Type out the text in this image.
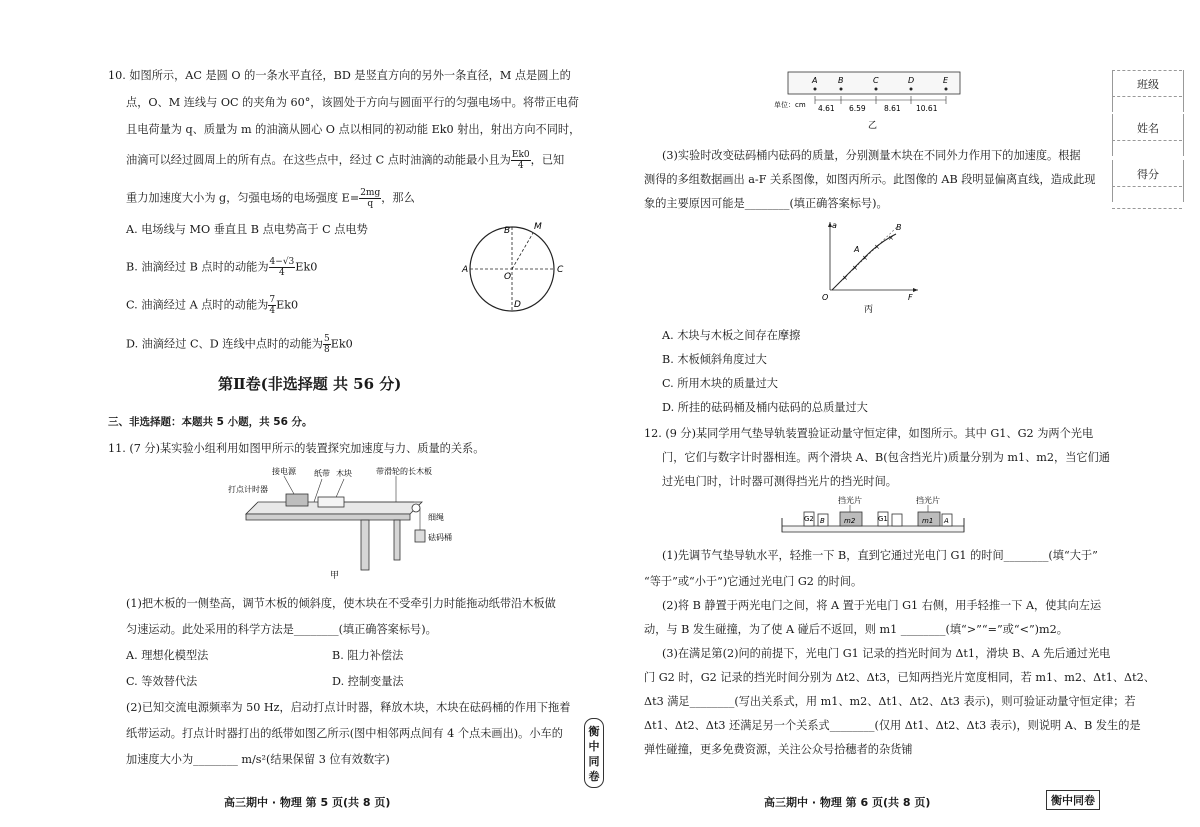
10. 如图所示，AC 是圆 O 的一条水平直径，BD 是竖直方向的另外一条直径，M 点是圆上的
点，O、M 连线与 OC 的夹角为 60°，该圆处于方向与圆面平行的匀强电场中。将带正电荷
且电荷量为 q、质量为 m 的油滴从圆心 O 点以相同的初动能 Ek0 射出，射出方向不同时，
油滴可以经过圆周上的所有点。在这些点中，经过 C 点时油滴的动能最小且为 $\frac{Ek0}{4}$ ，已知
重力加速度大小为 g，匀强电场的电场强度 $E= \frac{2mg}{q}$ ，那么
A. 电场线与 MO 垂直且 B 点电势高于 C 点电势
B. 油滴经过 B 点时的动能为 $\frac{4-√3}{4} Ek0$
C. 油滴经过 A 点时的动能为 $\frac{7}{4} Ek0$
D. 油滴经过 C、D 连线中点时的动能为 $\frac{5}{8} Ek0$
A	C
B
D
O
M
第Ⅱ卷(非选择题 共 56 分)
三、非选择题：本题共 5 小题，共 56 分。
11. (7 分)某实验小组利用如图甲所示的装置探究加速度与力、质量的关系。
接电源 纸带 木块	带滑轮的长木板
打点计时器
细绳
砝码桶
甲
(1)把木板的一侧垫高，调节木板的倾斜度，使木块在不受牵引力时能拖动纸带沿木板做
匀速运动。此处采用的科学方法是________(填正确答案标号)。
A. 理想化模型法	B. 阻力补偿法
C. 等效替代法	D. 控制变量法
(2)已知交流电源频率为 50 Hz，启动打点计时器，释放木块，木块在砝码桶的作用下拖着
纸带运动。打点计时器打出的纸带如图乙所示(图中相邻两点间有 4 个点未画出)。小车的
加速度大小为________ m/s²(结果保留 3 位有效数字)
高三期中 · 物理 第 5 页(共 8 页)
衡中同卷
A	B	C	D	E
单位：cm 4.61 6.59 8.61 10.61
乙
(3)实验时改变砝码桶内砝码的质量，分别测量木块在不同外力作用下的加速度。根据
测得的多组数据画出 a-F 关系图像，如图丙所示。此图像的 AB 段明显偏离直线，造成此现
象的主要原因可能是________(填正确答案标号)。
a
F
O
×
×
×
×
×
A
B
丙
A. 木块与木板之间存在摩擦
B. 木板倾斜角度过大
C. 所用木块的质量过大
D. 所挂的砝码桶及桶内砝码的总质量过大
12. (9 分)某同学用气垫导轨装置验证动量守恒定律，如图所示。其中 G1、G2 为两个光电
门，它们与数字计时器相连。两个滑块 A、B(包含挡光片)质量分别为 m1、m2，当它们通
过光电门时，计时器可测得挡光片的挡光时间。
挡光片	挡光片
G2 B	m2	G1	m1 A
(1)先调节气垫导轨水平，轻推一下 B，直到它通过光电门 G1 的时间________(填“大于”
“等于”或“小于”)它通过光电门 G2 的时间。
(2)将 B 静置于两光电门之间，将 A 置于光电门 G1 右侧，用手轻推一下 A，使其向左运
动，与 B 发生碰撞，为了使 A 碰后不返回，则 m1 ________(填“>”“=”或“<”)m2。
(3)在满足第(2)问的前提下，光电门 G1 记录的挡光时间为 Δt1，滑块 B、A 先后通过光电
门 G2 时，G2 记录的挡光时间分别为 Δt2、Δt3，已知两挡光片宽度相同，若 m1、m2、Δt1、Δt2、
Δt3 满足________(写出关系式，用 m1、m2、Δt1、Δt2、Δt3 表示)，则可验证动量守恒定律；若
Δt1、Δt2、Δt3 还满足另一个关系式________(仅用 Δt1、Δt2、Δt3 表示)，则说明 A、B 发生的是
弹性碰撞，更多免费资源，关注公众号拾穗者的杂货铺
高三期中 · 物理 第 6 页(共 8 页)	衡中同卷
班级
姓名
得分
